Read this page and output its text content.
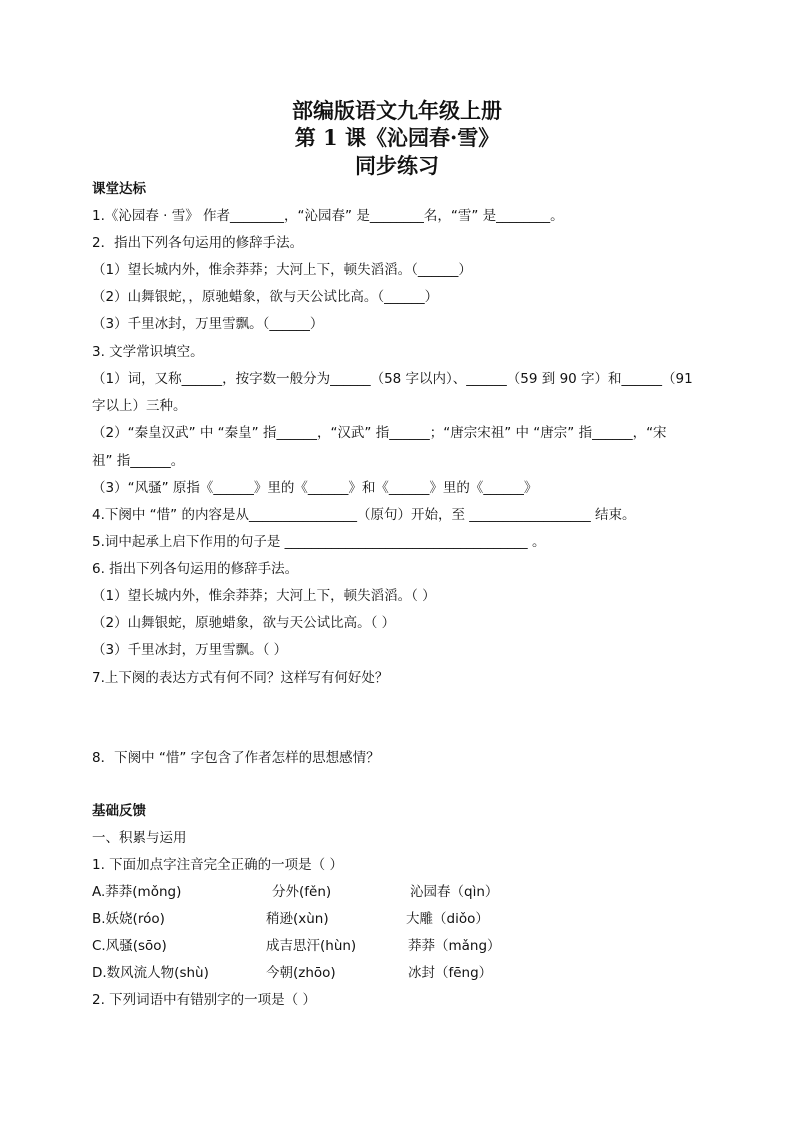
部编版语文九年级上册
第 1 课《沁园春·雪》
同步练习
课堂达标
1.《沁园春 · 雪》 作者________，“沁园春” 是________名，“雪” 是________。
2．指出下列各句运用的修辞手法。
（1）望长城内外，惟余莽莽；大河上下，顿失滔滔。（______）
（2）山舞银蛇，，原驰蜡象，欲与天公试比高。（______）
（3）千里冰封，万里雪飘。（______）
3. 文学常识填空。
（1）词，又称______，按字数一般分为______（58 字以内）、______（59 到 90 字）和______（91
字以上）三种。
（2）“秦皇汉武” 中 “秦皇” 指______，“汉武” 指______；“唐宗宋祖” 中 “唐宗” 指______，“宋
祖” 指______。
（3）“风骚” 原指《______》里的《______》和《______》里的《______》
4.下阕中 “惜” 的内容是从________________（原句）开始，至 __________________ 结束。
5.词中起承上启下作用的句子是 ____________________________________ 。
6. 指出下列各句运用的修辞手法。
（1）望长城内外，惟余莽莽；大河上下，顿失滔滔。（ ）
（2）山舞银蛇，原驰蜡象，欲与天公试比高。（ ）
（3）千里冰封，万里雪飘。（ ）
7.上下阕的表达方式有何不同？这样写有何好处？
8．下阕中 “惜” 字包含了作者怎样的思想感情？
基础反馈
一、积累与运用
1. 下面加点字注音完全正确的一项是（ ）
A.莽莽(mǒng)	分外(fěn)	沁园春（qìn）
B.妖娆(róo)	稍逊(xùn)	大雕（diǒo）
C.风骚(sōo)	成吉思汗(hùn)	莽莽（mǎng）
D.数风流人物(shù)	今朝(zhōo)	冰封（fēng）
2. 下列词语中有错别字的一项是（ ）
